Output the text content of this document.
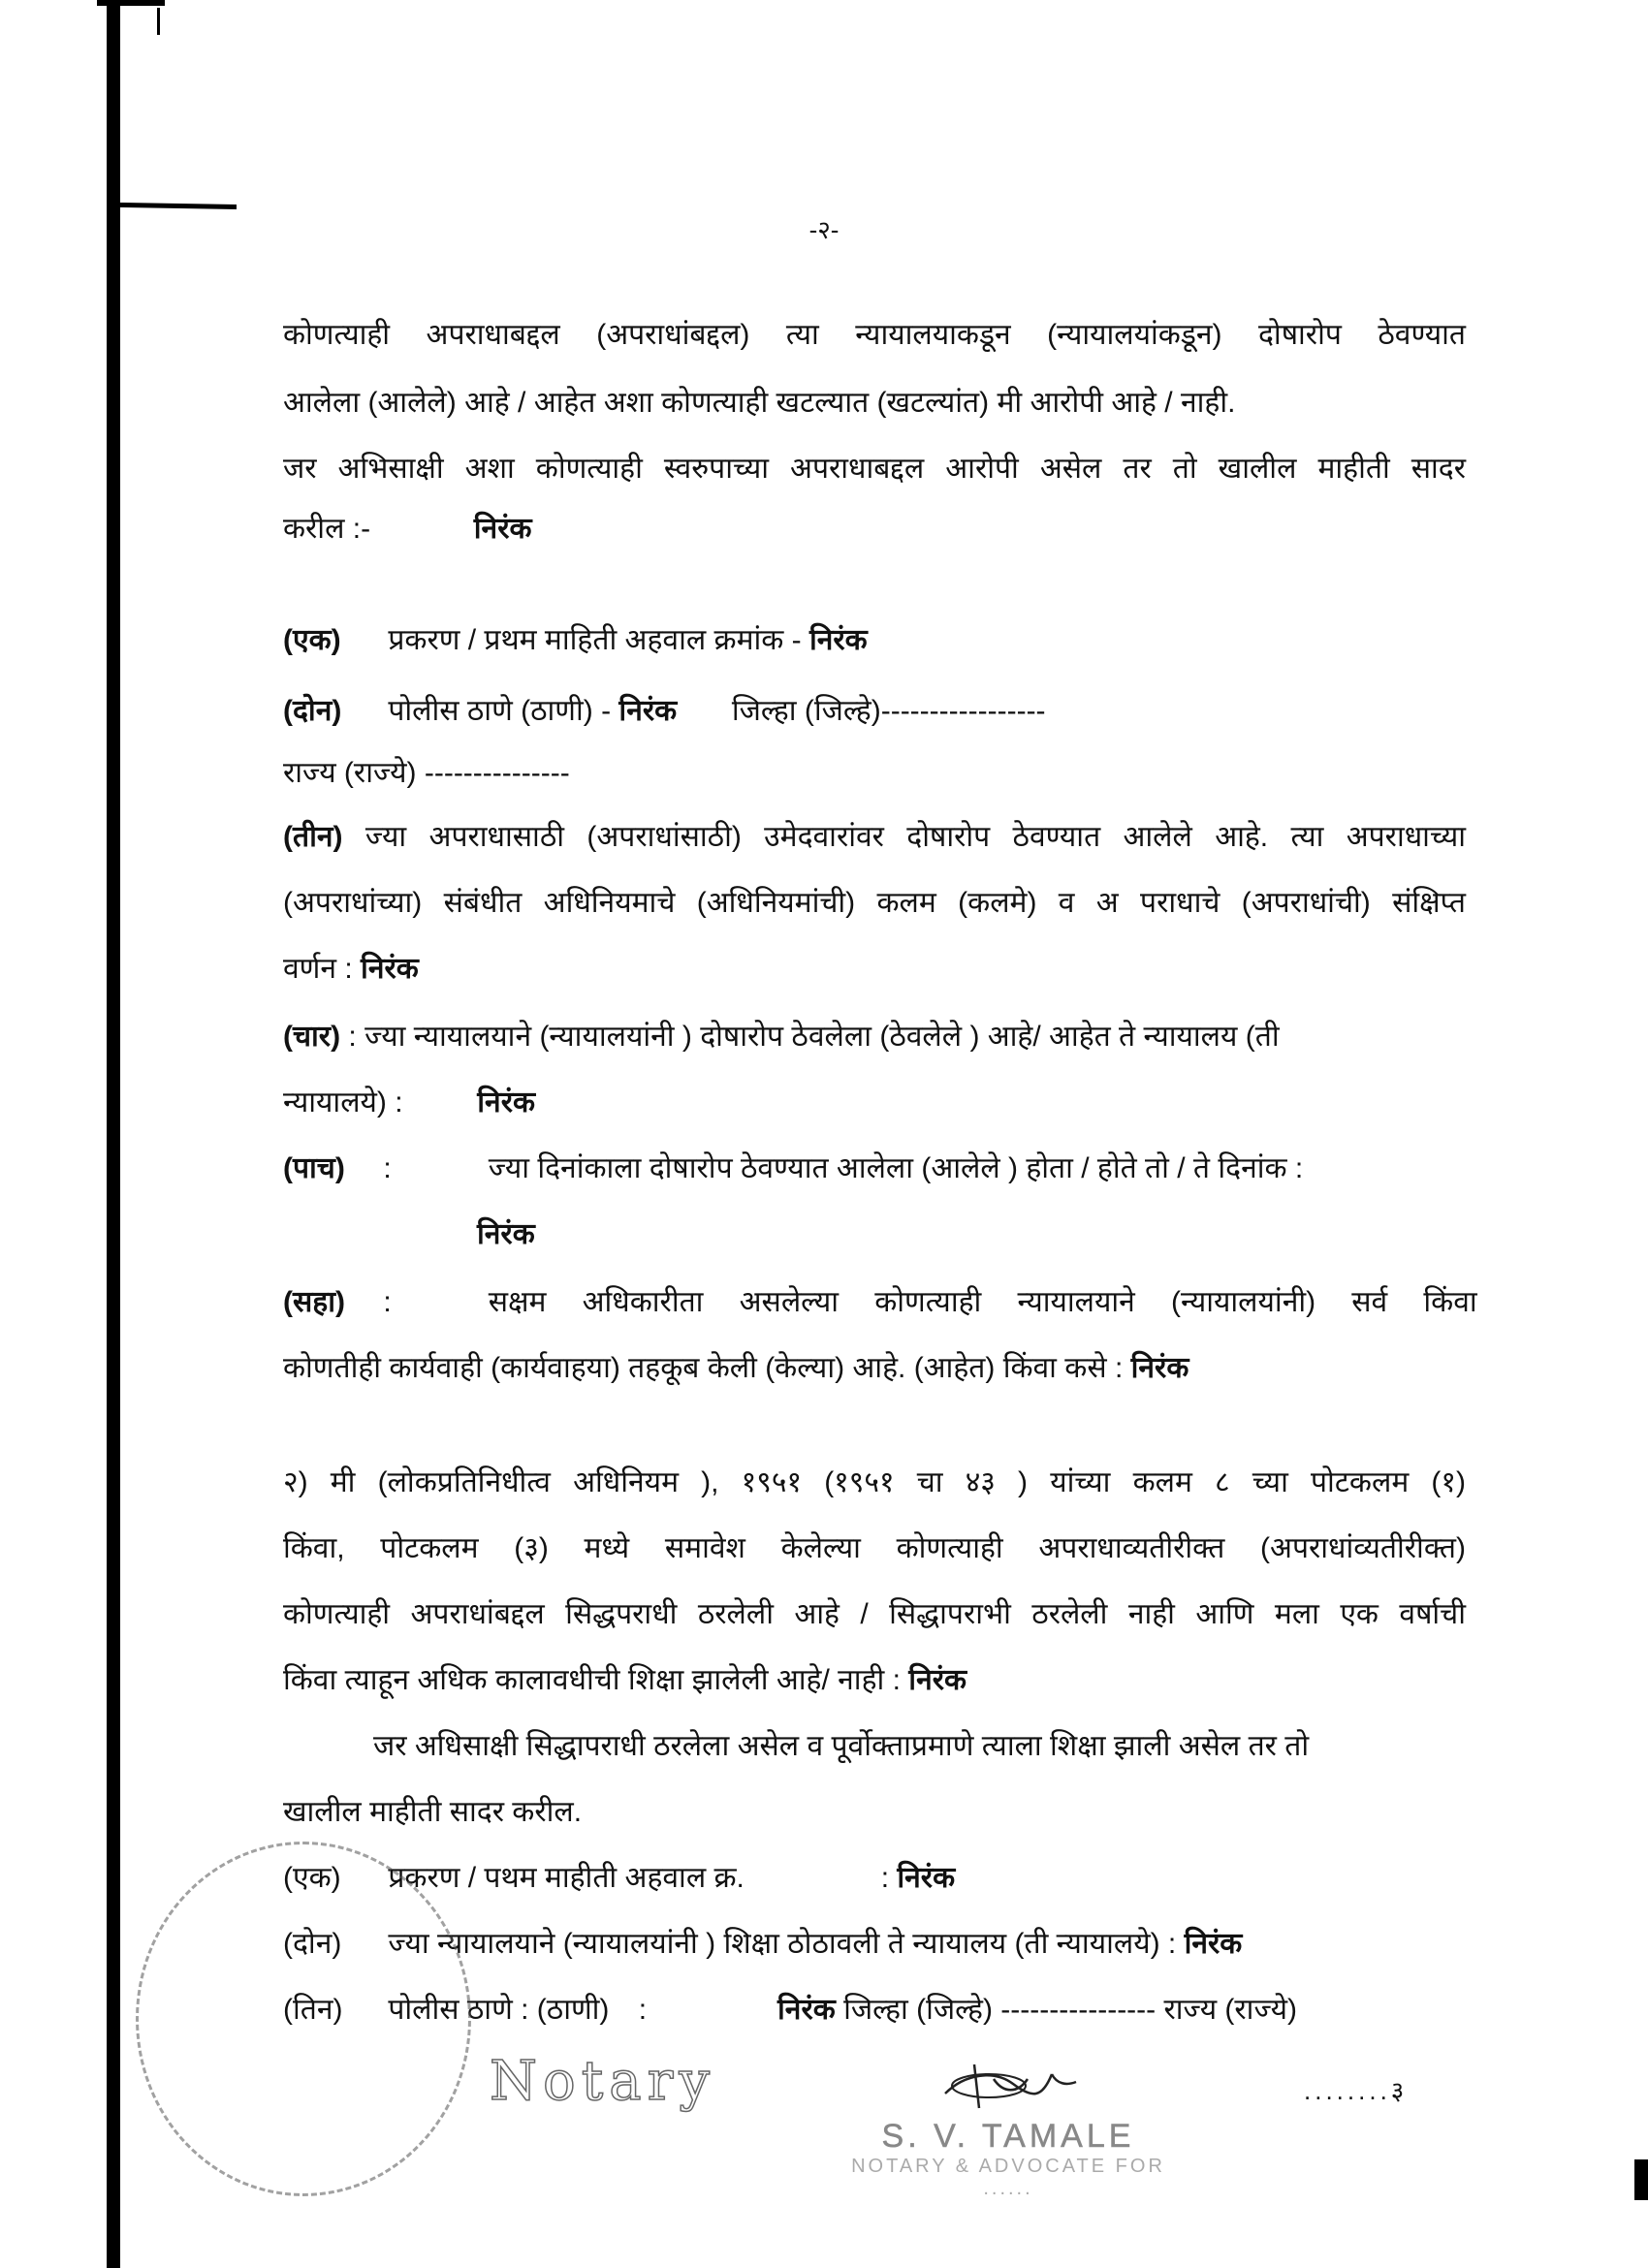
-२-
कोणत्याही अपराधाबद्दल (अपराधांबद्दल) त्या न्यायालयाकडून (न्यायालयांकडून) दोषारोप ठेवण्यात
आलेला (आलेले) आहे / आहेत अशा कोणत्याही खटल्यात (खटल्यांत) मी आरोपी आहे / नाही.
जर अभिसाक्षी अशा कोणत्याही स्वरुपाच्या अपराधाबद्दल आरोपी असेल तर तो खालील माहीती सादर
करील :-	निरंक
(एक) प्रकरण / प्रथम माहिती अहवाल क्रमांक - निरंक
(दोन) पोलीस ठाणे (ठाणी) - निरंक जिल्हा (जिल्हे)-----------------
राज्य (राज्ये) ---------------
(तीन) ज्या अपराधासाठी (अपराधांसाठी) उमेदवारांवर दोषारोप ठेवण्यात आलेले आहे. त्या अपराधाच्या
(अपराधांच्या) संबंधीत अधिनियमाचे (अधिनियमांची) कलम (कलमे) व अ पराधाचे (अपराधांची) संक्षिप्त
वर्णन : निरंक
(चार) : ज्या न्यायालयाने (न्यायालयांनी ) दोषारोप ठेवलेला (ठेवलेले ) आहे/ आहेत ते न्यायालय (ती
न्यायालये) :	निरंक
(पाच) :	ज्या दिनांकाला दोषारोप ठेवण्यात आलेला (आलेले ) होता / होते तो / ते दिनांक :
निरंक
(सहा) :	सक्षम अधिकारीता असलेल्या कोणत्याही न्यायालयाने (न्यायालयांनी) सर्व किंवा
कोणतीही कार्यवाही (कार्यवाहया) तहकूब केली (केल्या) आहे. (आहेत) किंवा कसे : निरंक
२) मी (लोकप्रतिनिधीत्व अधिनियम ), १९५१ (१९५१ चा ४३ ) यांच्या कलम ८ च्या पोटकलम (१)
किंवा, पोटकलम (३) मध्ये समावेश केलेल्या कोणत्याही अपराधाव्यतीरीक्त (अपराधांव्यतीरीक्त)
कोणत्याही अपराधांबद्दल सिद्धपराधी ठरलेली आहे / सिद्धापराभी ठरलेली नाही आणि मला एक वर्षाची
किंवा त्याहून अधिक कालावधीची शिक्षा झालेली आहे/ नाही : निरंक
जर अधिसाक्षी सिद्धापराधी ठरलेला असेल व पूर्वोक्ताप्रमाणे त्याला शिक्षा झाली असेल तर तो
खालील माहीती सादर करील.
(एक) प्रकरण / पथम माहीती अहवाल क्र.	: निरंक
(दोन) ज्या न्यायालयाने (न्यायालयांनी ) शिक्षा ठोठावली ते न्यायालय (ती न्यायालये) : निरंक
(तिन) पोलीस ठाणे : (ठाणी) :	निरंक जिल्हा (जिल्हे) ---------------- राज्य (राज्ये)
Notary
S. V. TAMALE
NOTARY & ADVOCATE FOR
......
........३
